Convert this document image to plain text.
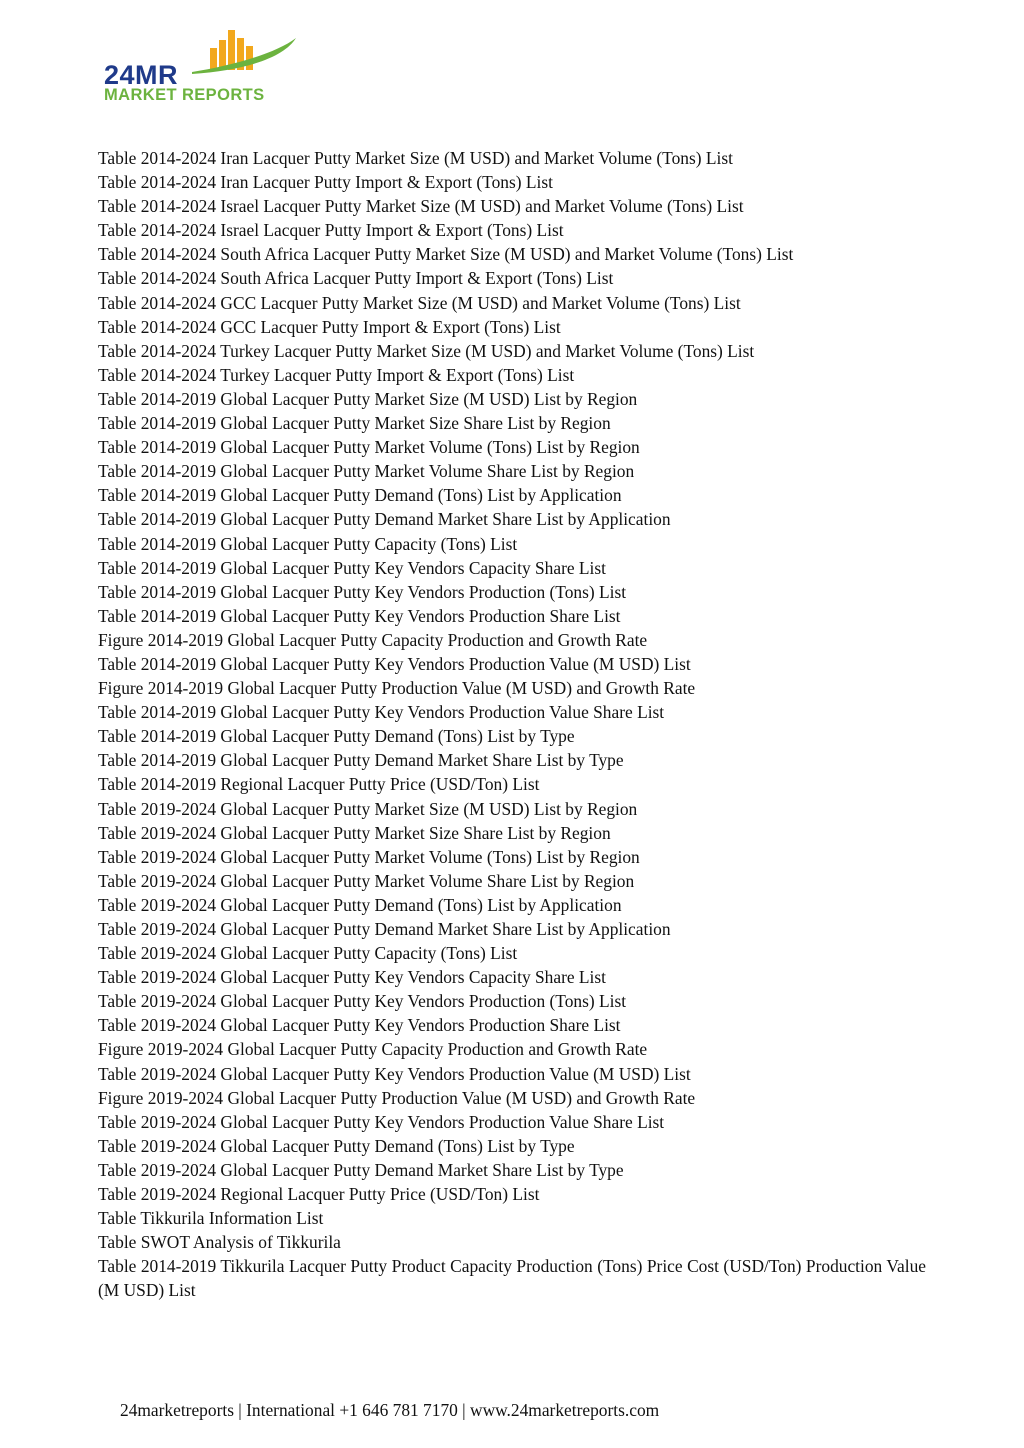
24MR
MARKET REPORTS
Table 2014-2024 Iran Lacquer Putty Market Size (M USD) and Market Volume (Tons) List
Table 2014-2024 Iran Lacquer Putty Import & Export (Tons) List
Table 2014-2024 Israel Lacquer Putty Market Size (M USD) and Market Volume (Tons) List
Table 2014-2024 Israel Lacquer Putty Import & Export (Tons) List
Table 2014-2024 South Africa Lacquer Putty Market Size (M USD) and Market Volume (Tons) List
Table 2014-2024 South Africa Lacquer Putty Import & Export (Tons) List
Table 2014-2024 GCC Lacquer Putty Market Size (M USD) and Market Volume (Tons) List
Table 2014-2024 GCC Lacquer Putty Import & Export (Tons) List
Table 2014-2024 Turkey Lacquer Putty Market Size (M USD) and Market Volume (Tons) List
Table 2014-2024 Turkey Lacquer Putty Import & Export (Tons) List
Table 2014-2019 Global Lacquer Putty Market Size (M USD) List by Region
Table 2014-2019 Global Lacquer Putty Market Size Share List by Region
Table 2014-2019 Global Lacquer Putty Market Volume (Tons) List by Region
Table 2014-2019 Global Lacquer Putty Market Volume Share List by Region
Table 2014-2019 Global Lacquer Putty Demand (Tons) List by Application
Table 2014-2019 Global Lacquer Putty Demand Market Share List by Application
Table 2014-2019 Global Lacquer Putty Capacity (Tons) List
Table 2014-2019 Global Lacquer Putty Key Vendors Capacity Share List
Table 2014-2019 Global Lacquer Putty Key Vendors Production (Tons) List
Table 2014-2019 Global Lacquer Putty Key Vendors Production Share List
Figure 2014-2019 Global Lacquer Putty Capacity Production and Growth Rate
Table 2014-2019 Global Lacquer Putty Key Vendors Production Value (M USD) List
Figure 2014-2019 Global Lacquer Putty Production Value (M USD) and Growth Rate
Table 2014-2019 Global Lacquer Putty Key Vendors Production Value Share List
Table 2014-2019 Global Lacquer Putty Demand (Tons) List by Type
Table 2014-2019 Global Lacquer Putty Demand Market Share List by Type
Table 2014-2019 Regional Lacquer Putty Price (USD/Ton) List
Table 2019-2024 Global Lacquer Putty Market Size (M USD) List by Region
Table 2019-2024 Global Lacquer Putty Market Size Share List by Region
Table 2019-2024 Global Lacquer Putty Market Volume (Tons) List by Region
Table 2019-2024 Global Lacquer Putty Market Volume Share List by Region
Table 2019-2024 Global Lacquer Putty Demand (Tons) List by Application
Table 2019-2024 Global Lacquer Putty Demand Market Share List by Application
Table 2019-2024 Global Lacquer Putty Capacity (Tons) List
Table 2019-2024 Global Lacquer Putty Key Vendors Capacity Share List
Table 2019-2024 Global Lacquer Putty Key Vendors Production (Tons) List
Table 2019-2024 Global Lacquer Putty Key Vendors Production Share List
Figure 2019-2024 Global Lacquer Putty Capacity Production and Growth Rate
Table 2019-2024 Global Lacquer Putty Key Vendors Production Value (M USD) List
Figure 2019-2024 Global Lacquer Putty Production Value (M USD) and Growth Rate
Table 2019-2024 Global Lacquer Putty Key Vendors Production Value Share List
Table 2019-2024 Global Lacquer Putty Demand (Tons) List by Type
Table 2019-2024 Global Lacquer Putty Demand Market Share List by Type
Table 2019-2024 Regional Lacquer Putty Price (USD/Ton) List
Table Tikkurila Information List
Table SWOT Analysis of Tikkurila
Table 2014-2019 Tikkurila Lacquer Putty Product Capacity Production (Tons) Price Cost (USD/Ton) Production Value (M USD) List
24marketreports | International +1 646 781 7170 | www.24marketreports.com
